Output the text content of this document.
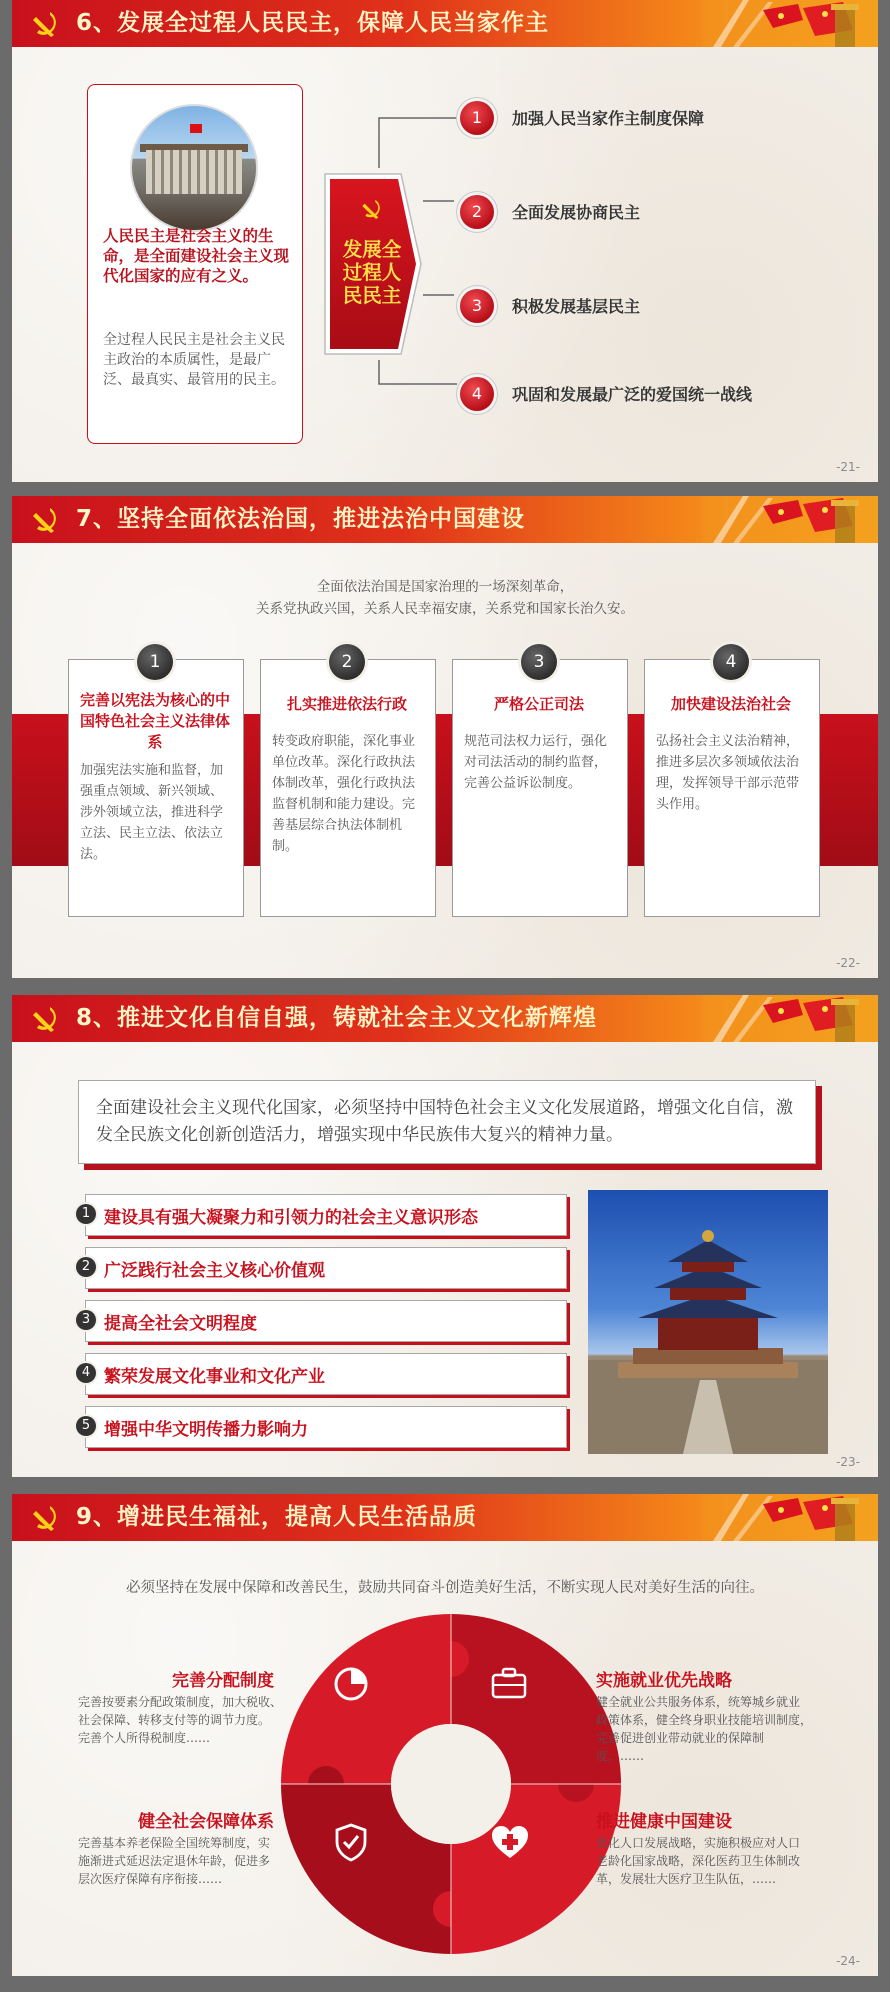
6、发展全过程人民民主，保障人民当家作主
人民民主是社会主义的生命，是全面建设社会主义现代化国家的应有之义。
全过程人民民主是社会主义民主政治的本质属性，是最广泛、最真实、最管用的民主。
发展全过程人民民主
1	加强人民当家作主制度保障
2	全面发展协商民主
3	积极发展基层民主
4	巩固和发展最广泛的爱国统一战线
-21-
7、坚持全面依法治国，推进法治中国建设
全面依法治国是国家治理的一场深刻革命，
关系党执政兴国，关系人民幸福安康，关系党和国家长治久安。
1
完善以宪法为核心的中国特色社会主义法律体系
加强宪法实施和监督，加强重点领域、新兴领域、涉外领域立法，推进科学立法、民主立法、依法立法。
2
扎实推进依法行政
转变政府职能，深化事业单位改革。深化行政执法体制改革，强化行政执法监督机制和能力建设。完善基层综合执法体制机制。
3
严格公正司法
规范司法权力运行，强化对司法活动的制约监督，完善公益诉讼制度。
4
加快建设法治社会
弘扬社会主义法治精神，推进多层次多领域依法治理，发挥领导干部示范带头作用。
-22-
8、推进文化自信自强，铸就社会主义文化新辉煌
全面建设社会主义现代化国家，必须坚持中国特色社会主义文化发展道路，增强文化自信，激发全民族文化创新创造活力，增强实现中华民族伟大复兴的精神力量。
1 建设具有强大凝聚力和引领力的社会主义意识形态
2 广泛践行社会主义核心价值观
3 提高全社会文明程度
4 繁荣发展文化事业和文化产业
5 增强中华文明传播力影响力
-23-
9、增进民生福祉，提高人民生活品质
必须坚持在发展中保障和改善民生，鼓励共同奋斗创造美好生活，不断实现人民对美好生活的向往。
完善分配制度
完善按要素分配政策制度，加大税收、
社会保障、转移支付等的调节力度。
完善个人所得税制度……
实施就业优先战略
健全就业公共服务体系，统筹城乡就业
政策体系，健全终身职业技能培训制度，
完善促进创业带动就业的保障制
度，……
健全社会保障体系
完善基本养老保险全国统筹制度，实
施渐进式延迟法定退休年龄，促进多
层次医疗保障有序衔接……
推进健康中国建设
优化人口发展战略，实施积极应对人口
老龄化国家战略，深化医药卫生体制改
革，发展壮大医疗卫生队伍，……
-24-
